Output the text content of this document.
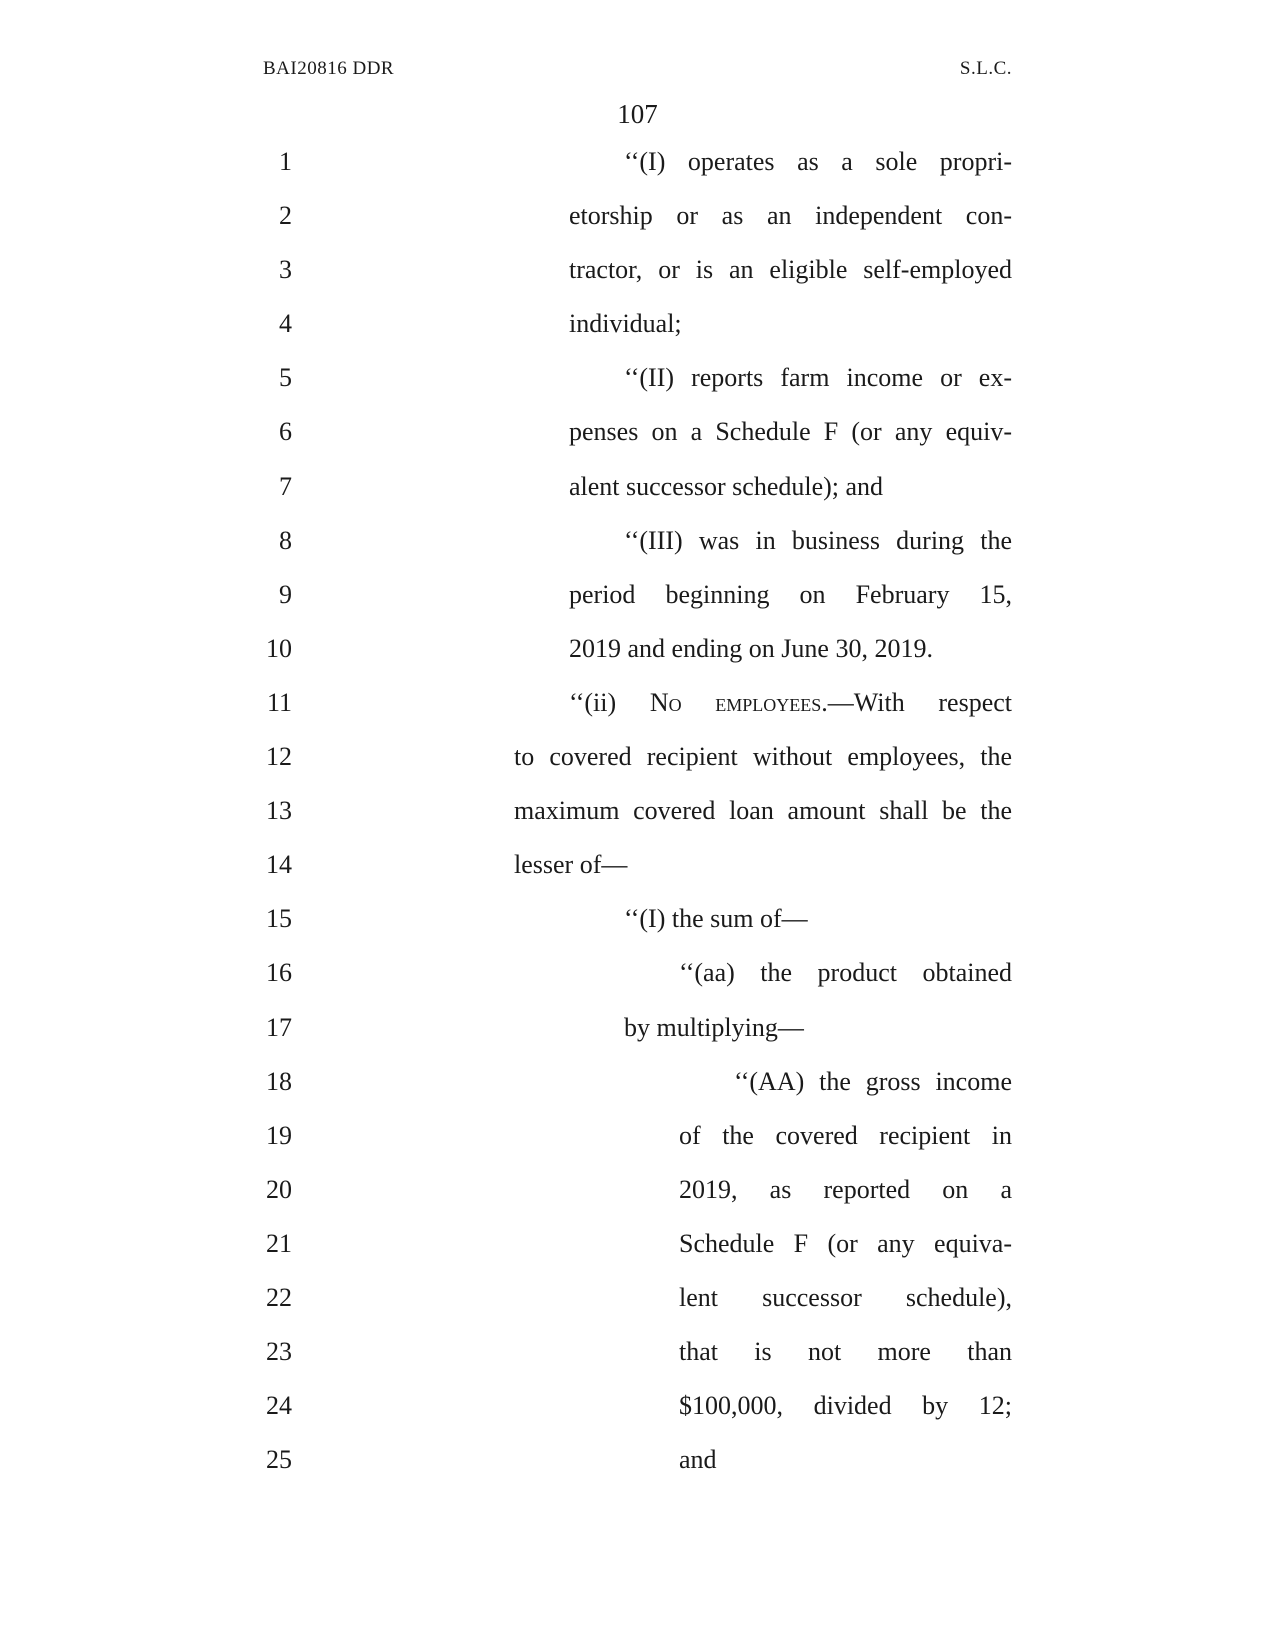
BAI20816 DDR	S.L.C.
107
1	‘‘(I) operates as a sole propri-
2	etorship or as an independent con-
3	tractor, or is an eligible self-employed
4	individual;
5	‘‘(II) reports farm income or ex-
6	penses on a Schedule F (or any equiv-
7	alent successor schedule); and
8	‘‘(III) was in business during the
9	period beginning on February 15,
10	2019 and ending on June 30, 2019.
11	‘‘(ii) No employees.—With respect
12	to covered recipient without employees, the
13	maximum covered loan amount shall be the
14	lesser of—
15	‘‘(I) the sum of—
16	‘‘(aa) the product obtained
17	by multiplying—
18	‘‘(AA) the gross income
19	of the covered recipient in
20	2019, as reported on a
21	Schedule F (or any equiva-
22	lent successor schedule),
23	that is not more than
24	$100,000, divided by 12;
25	and
